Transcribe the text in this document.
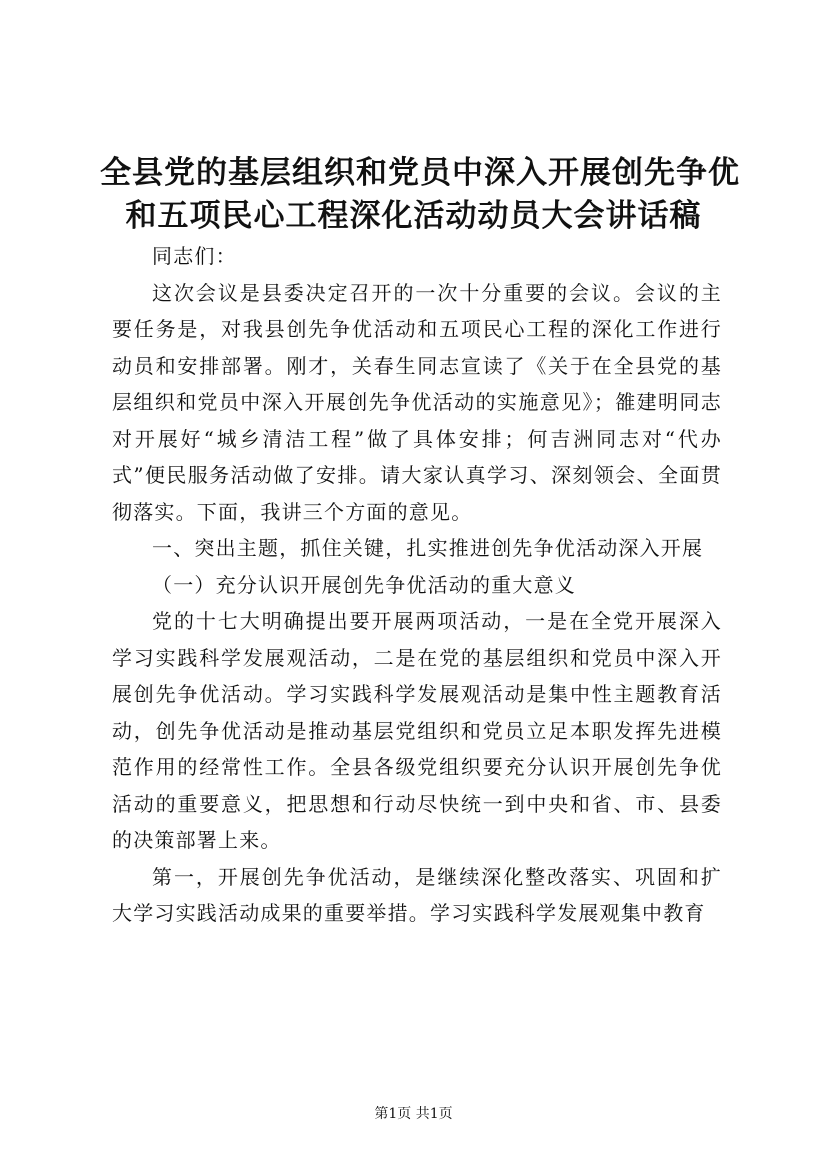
全县党的基层组织和党员中深入开展创先争优
和五项民心工程深化活动动员大会讲话稿

同志们：

这次会议是县委决定召开的一次十分重要的会议。会议的主要任务是，对我县创先争优活动和五项民心工程的深化工作进行动员和安排部署。刚才，关春生同志宣读了《关于在全县党的基层组织和党员中深入开展创先争优活动的实施意见》；雒建明同志对开展好“城乡清洁工程”做了具体安排；何吉洲同志对“代办式”便民服务活动做了安排。请大家认真学习、深刻领会、全面贯彻落实。下面，我讲三个方面的意见。

一、突出主题，抓住关键，扎实推进创先争优活动深入开展

（一）充分认识开展创先争优活动的重大意义

党的十七大明确提出要开展两项活动，一是在全党开展深入学习实践科学发展观活动，二是在党的基层组织和党员中深入开展创先争优活动。学习实践科学发展观活动是集中性主题教育活动，创先争优活动是推动基层党组织和党员立足本职发挥先进模范作用的经常性工作。全县各级党组织要充分认识开展创先争优活动的重要意义，把思想和行动尽快统一到中央和省、市、县委的决策部署上来。

第一，开展创先争优活动，是继续深化整改落实、巩固和扩大学习实践活动成果的重要举措。学习实践科学发展观集中教育

第1页 共1页
